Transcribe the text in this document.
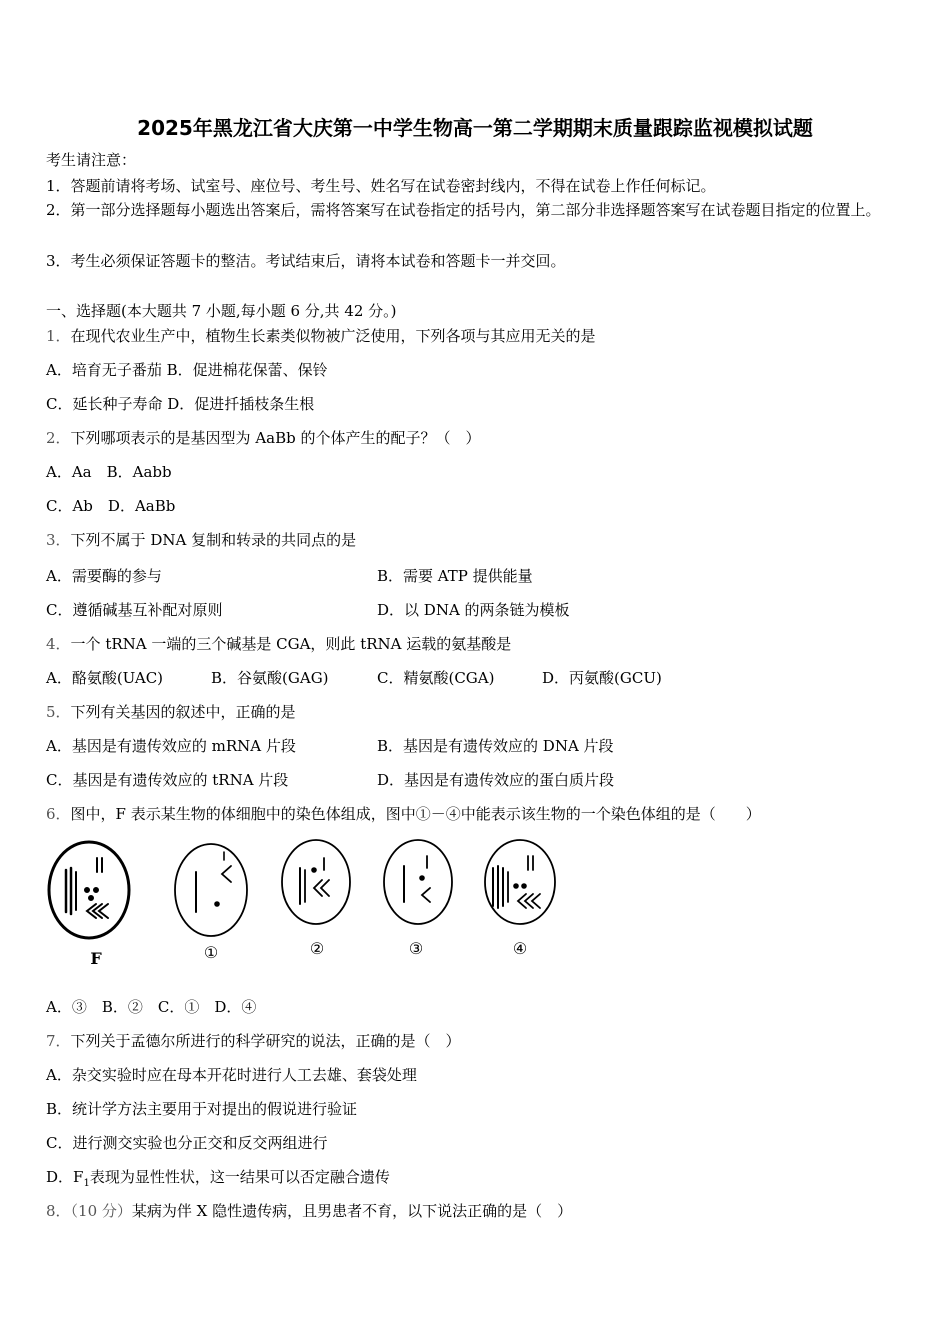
2025年黑龙江省大庆第一中学生物高一第二学期期末质量跟踪监视模拟试题
考生请注意：
1．答题前请将考场、试室号、座位号、考生号、姓名写在试卷密封线内，不得在试卷上作任何标记。
2．第一部分选择题每小题选出答案后，需将答案写在试卷指定的括号内，第二部分非选择题答案写在试卷题目指定的位置上。
3．考生必须保证答题卡的整洁。考试结束后，请将本试卷和答题卡一并交回。
一、选择题(本大题共 7 小题,每小题 6 分,共 42 分。)
1．在现代农业生产中，植物生长素类似物被广泛使用，下列各项与其应用无关的是
A．培育无子番茄 B．促进棉花保蕾、保铃
C．延长种子寿命 D．促进扦插枝条生根
2．下列哪项表示的是基因型为 AaBb 的个体产生的配子？（　）
A．Aa　B．Aabb
C．Ab　D．AaBb
3．下列不属于 DNA 复制和转录的共同点的是
A．需要酶的参与	B．需要 ATP 提供能量
C．遵循碱基互补配对原则	D．以 DNA 的两条链为模板
4．一个 tRNA 一端的三个碱基是 CGA，则此 tRNA 运载的氨基酸是
A．酪氨酸(UAC)	B．谷氨酸(GAG)	C．精氨酸(CGA)	D．丙氨酸(GCU)
5．下列有关基因的叙述中，正确的是
A．基因是有遗传效应的 mRNA 片段	B．基因是有遗传效应的 DNA 片段
C．基因是有遗传效应的 tRNA 片段	D．基因是有遗传效应的蛋白质片段
6．图中，F 表示某生物的体细胞中的染色体组成，图中①－④中能表示该生物的一个染色体组的是（　　）
F	①	②	③	④
A．③　B．②　C．①　D．④
7．下列关于孟德尔所进行的科学研究的说法，正确的是（　）
A．杂交实验时应在母本开花时进行人工去雄、套袋处理
B．统计学方法主要用于对提出的假说进行验证
C．进行测交实验也分正交和反交两组进行
D．$F_1$表现为显性性状，这一结果可以否定融合遗传
8．（10 分）某病为伴 X 隐性遗传病，且男患者不育，以下说法正确的是（　）
